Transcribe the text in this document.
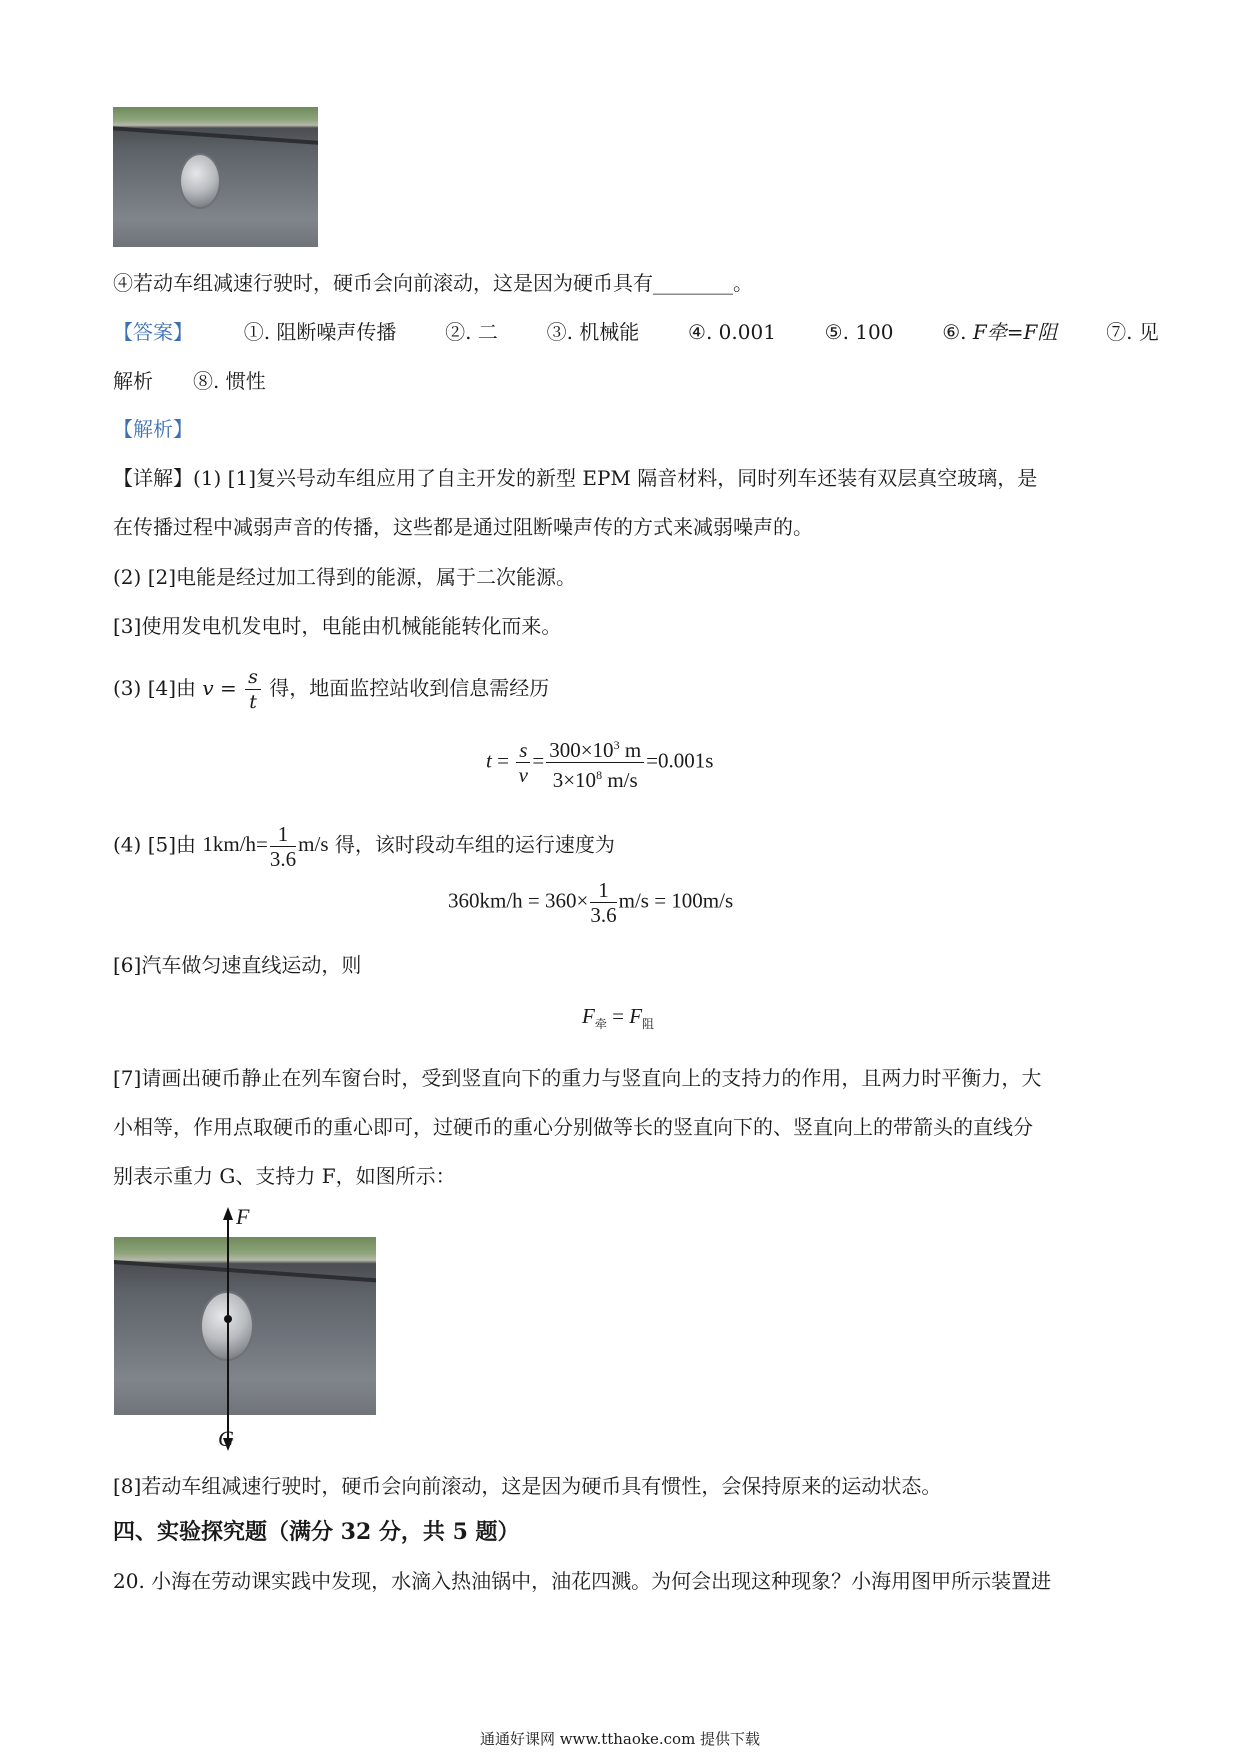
④若动车组减速行驶时，硬币会向前滚动，这是因为硬币具有________。
【答案】	①. 阻断噪声传播 ②. 二 ③. 机械能 ④. 0.001 ⑤. 100 ⑥. F牵=F阻 ⑦. 见
解析　　⑧. 惯性
【解析】
【详解】(1) [1]复兴号动车组应用了自主开发的新型 EPM 隔音材料，同时列车还装有双层真空玻璃，是
在传播过程中减弱声音的传播，这些都是通过阻断噪声传的方式来减弱噪声的。
(2) [2]电能是经过加工得到的能源，属于二次能源。
[3]使用发电机发电时，电能由机械能能转化而来。
(3) [4]由 $v = \frac{s}{t}$ 得，地面监控站收到信息需经历
$t = \frac{s}{v} = \frac{300\times 10^3 m}{3\times 10^8 m/s} =0.001s$
(4) [5]由 $1km/h= \frac{1}{3.6} m/s$ 得，该时段动车组的运行速度为
$360km/h = 360\times \frac{1}{3.6} m/s = 100m/s$
[6]汽车做匀速直线运动，则
$F_牵 = F_阻$
[7]请画出硬币静止在列车窗台时，受到竖直向下的重力与竖直向上的支持力的作用，且两力时平衡力，大
小相等，作用点取硬币的重心即可，过硬币的重心分别做等长的竖直向下的、竖直向上的带箭头的直线分
别表示重力 G、支持力 F，如图所示：
F
G
[8]若动车组减速行驶时，硬币会向前滚动，这是因为硬币具有惯性，会保持原来的运动状态。
四、实验探究题（满分 32 分，共 5 题）
20. 小海在劳动课实践中发现，水滴入热油锅中，油花四溅。为何会出现这种现象？小海用图甲所示装置进
通通好课网 www.tthaoke.com 提供下载
